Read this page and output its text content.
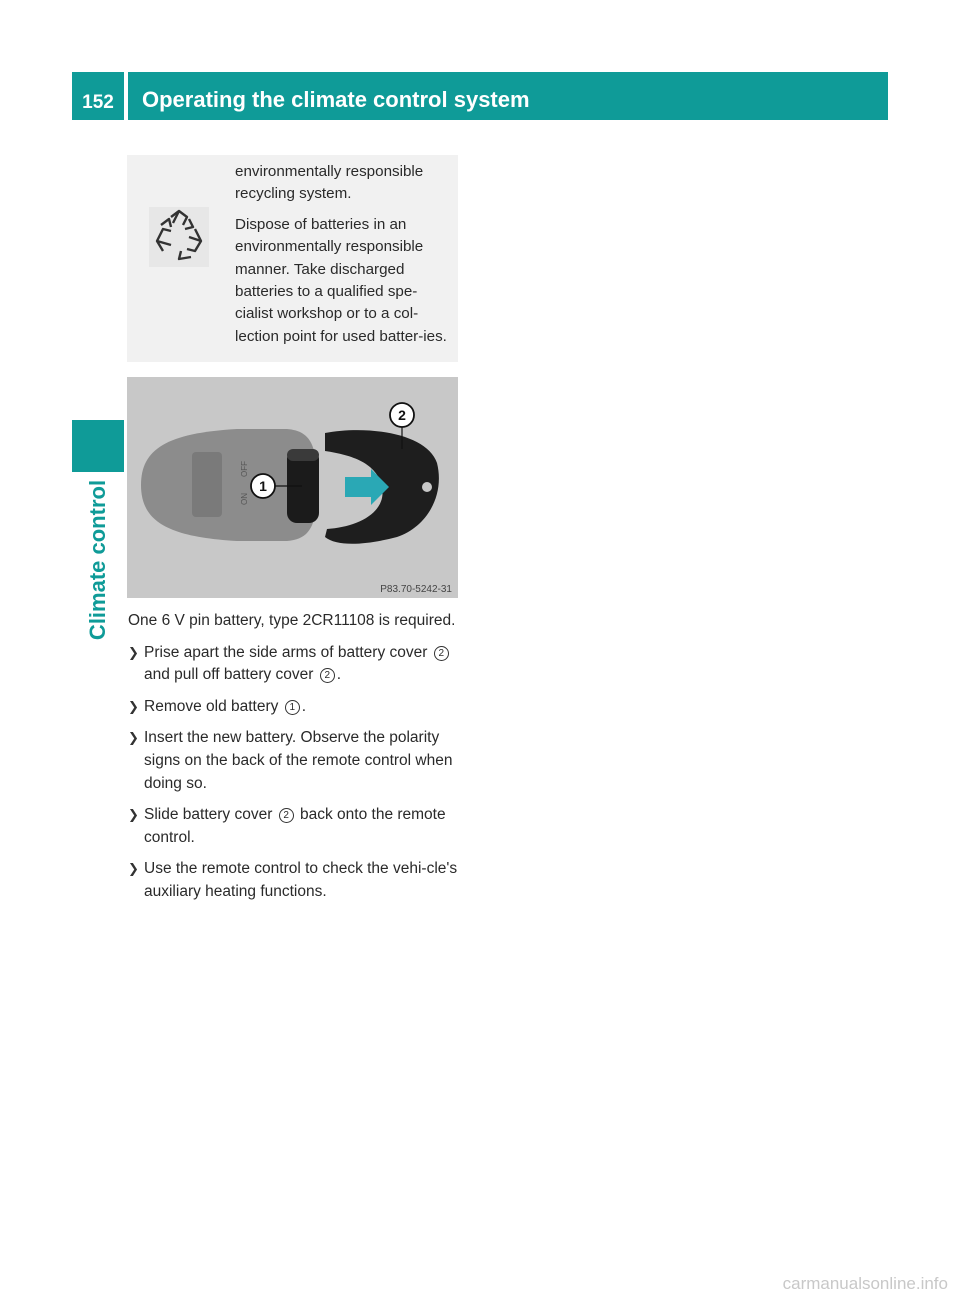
152	Operating the climate control system
Climate control

environmentally responsible recycling system.

Dispose of batteries in an environmentally responsible manner. Take discharged batteries to a qualified spe-cialist workshop or to a col-lection point for used batter-ies.

ON
OFF
1
2
P83.70-5242-31

One 6 V pin battery, type 2CR11108 is required.

❯ Prise apart the side arms of battery cover 2 and pull off battery cover 2 .
❯ Remove old battery 1 .
❯ Insert the new battery. Observe the polarity signs on the back of the remote control when doing so.
❯ Slide battery cover 2 back onto the remote control.
❯ Use the remote control to check the vehi-cle's auxiliary heating functions.
carmanualsonline.info
